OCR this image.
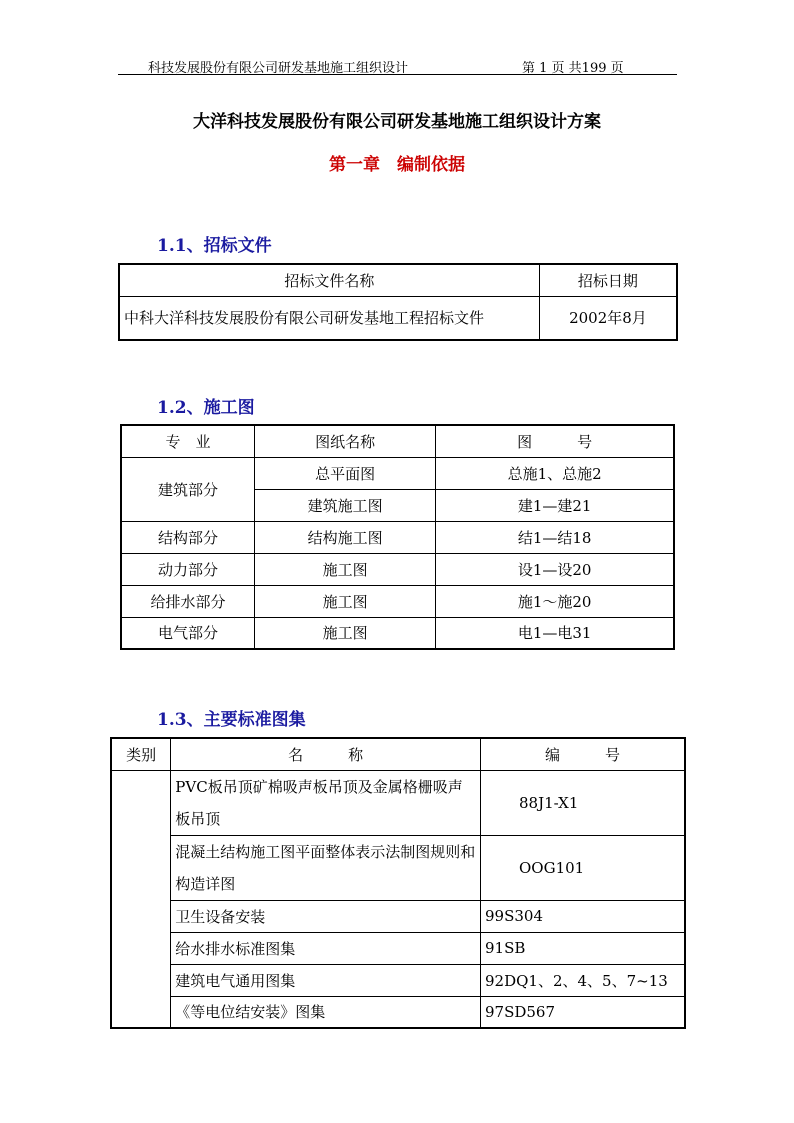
科技发展股份有限公司研发基地施工组织设计	第 1 页 共199 页
大洋科技发展股份有限公司研发基地施工组织设计方案
第一章　编制依据
1.1、招标文件
招标文件名称	招标日期
中科大洋科技发展股份有限公司研发基地工程招标文件	2002年8月
1.2、施工图
专　业	图纸名称	图　　　号
建筑部分	总平面图	总施1、总施2
	建筑施工图	建1—建21
结构部分	结构施工图	结1—结18
动力部分	施工图	设1—设20
给排水部分	施工图	施1～施20
电气部分	施工图	电1—电31
1.3、主要标准图集
类别	名　　　称	编　　　号
	PVC板吊顶矿棉吸声板吊顶及金属格栅吸声板吊顶	88J1-X1
	混凝土结构施工图平面整体表示法制图规则和构造详图	OOG101
	卫生设备安装	99S304
	给水排水标准图集	91SB
	建筑电气通用图集	92DQ1、2、4、5、7~13
	《等电位结安装》图集	97SD567
